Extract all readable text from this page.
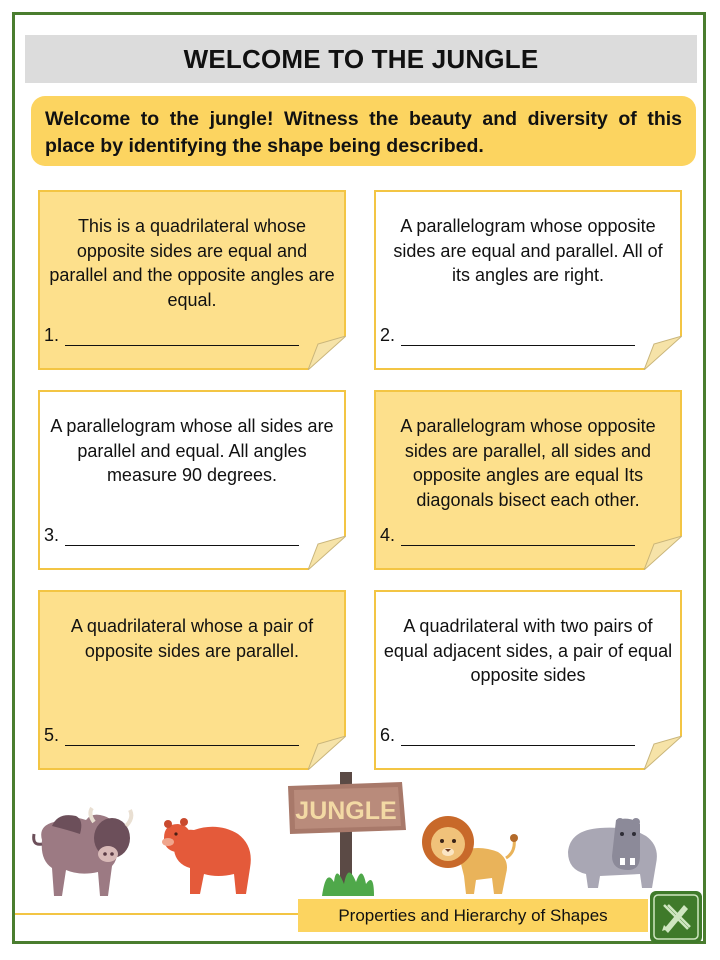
WELCOME TO THE JUNGLE
Welcome to the jungle! Witness the beauty and diversity of this place by identifying the shape being described.
This is a quadrilateral whose opposite sides are equal and parallel and the opposite angles are equal.
1.
A parallelogram whose opposite sides are equal and parallel. All of its angles are right.
2.
A parallelogram whose all sides are parallel and equal. All angles measure 90 degrees.
3.
A parallelogram whose opposite sides are parallel, all sides and opposite angles are equal Its diagonals bisect each other.
4.
A quadrilateral whose a pair of opposite sides are parallel.
5.
A quadrilateral with two pairs of equal adjacent sides, a pair of equal opposite sides
6.
JUNGLE
Properties and Hierarchy of Shapes
